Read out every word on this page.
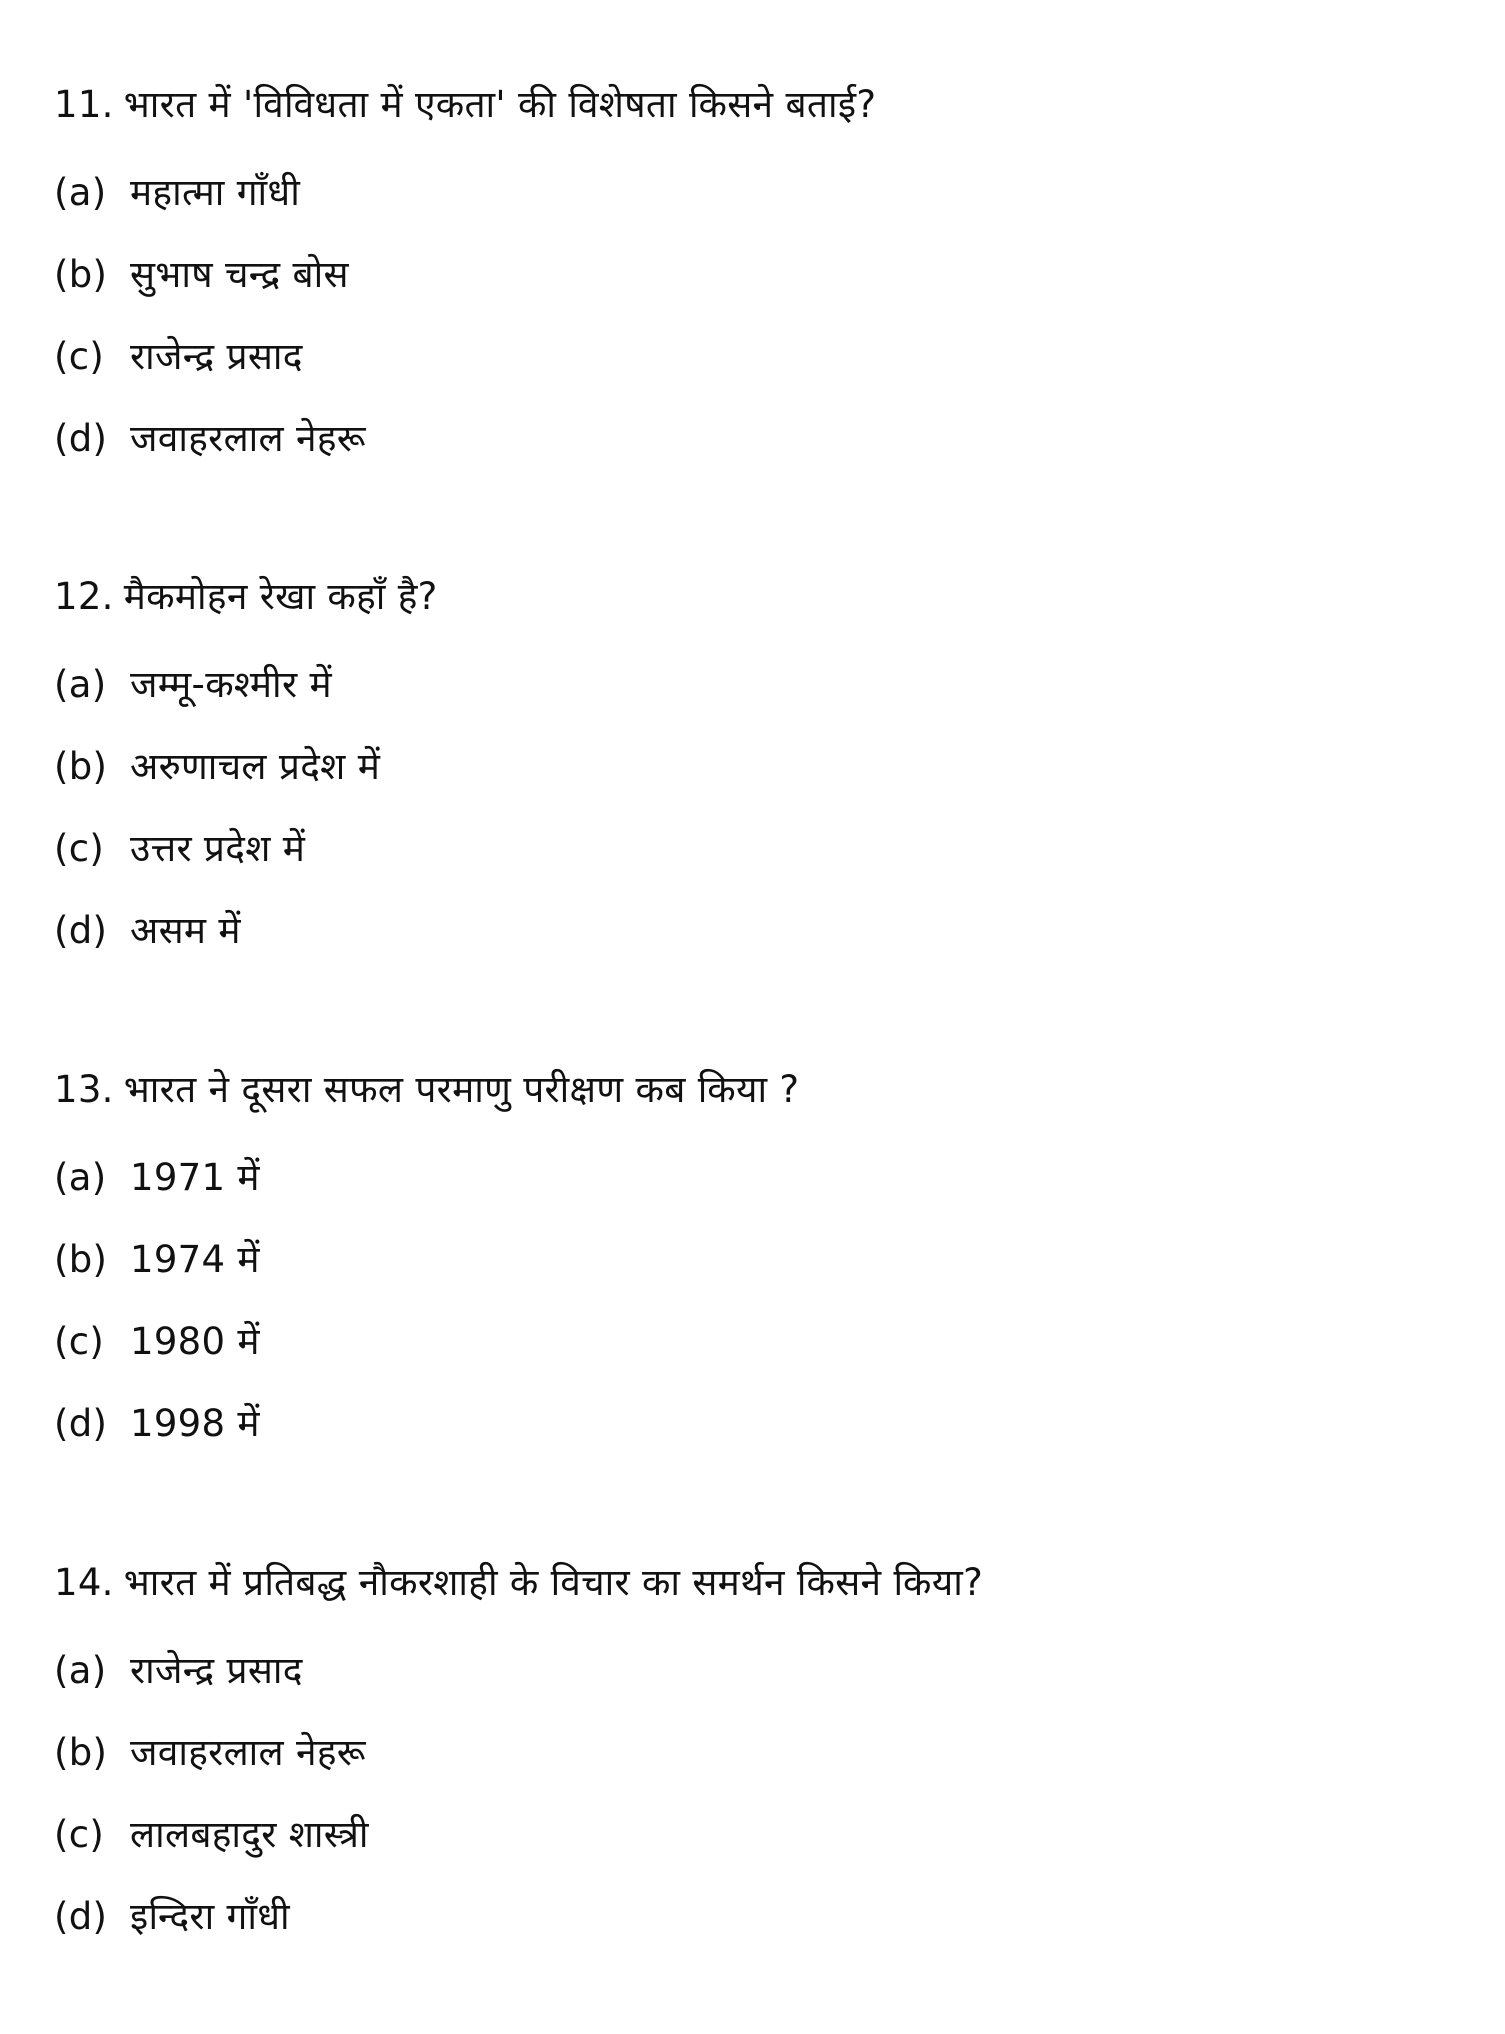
11. भारत में 'विविधता में एकता' की विशेषता किसने बताई?
(a) महात्मा गाँधी
(b) सुभाष चन्द्र बोस
(c) राजेन्द्र प्रसाद
(d) जवाहरलाल नेहरू
12. मैकमोहन रेखा कहाँ है?
(a) जम्मू-कश्मीर में
(b) अरुणाचल प्रदेश में
(c) उत्तर प्रदेश में
(d) असम में
13. भारत ने दूसरा सफल परमाणु परीक्षण कब किया ?
(a) 1971 में
(b) 1974 में
(c) 1980 में
(d) 1998 में
14. भारत में प्रतिबद्ध नौकरशाही के विचार का समर्थन किसने किया?
(a) राजेन्द्र प्रसाद
(b) जवाहरलाल नेहरू
(c) लालबहादुर शास्त्री
(d) इन्दिरा गाँधी
